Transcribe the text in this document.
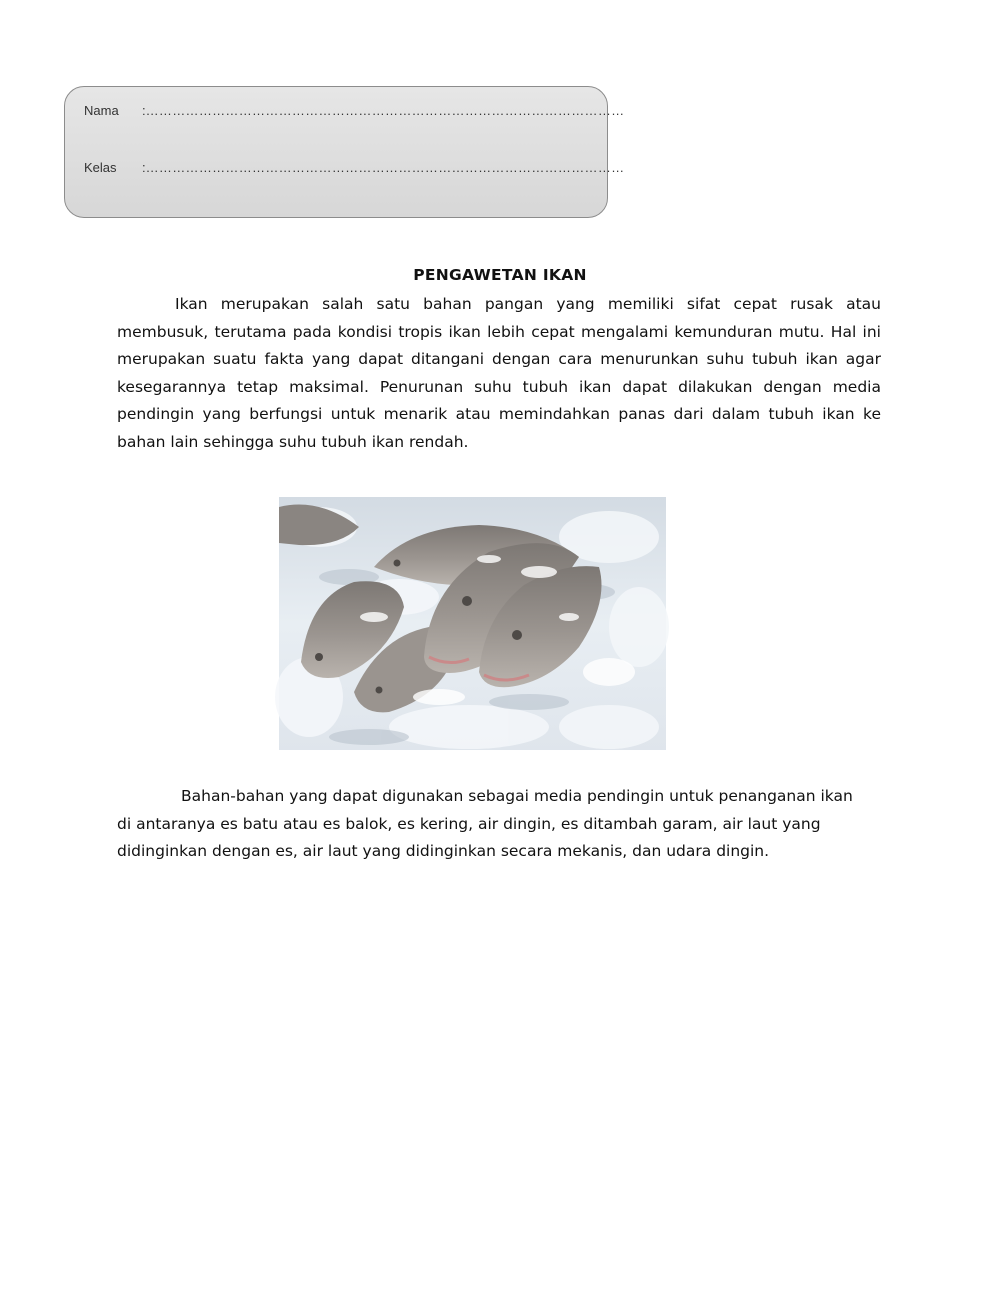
Nama :………………………………………………………………………………………………
Kelas :………………………………………………………………………………………………
PENGAWETAN IKAN

Ikan merupakan salah satu bahan pangan yang memiliki sifat cepat rusak atau membusuk, terutama pada kondisi tropis ikan lebih cepat mengalami kemunduran mutu. Hal ini merupakan suatu fakta yang dapat ditangani dengan cara menurunkan suhu tubuh ikan agar kesegarannya tetap maksimal. Penurunan suhu tubuh ikan dapat dilakukan dengan media pendingin yang berfungsi untuk menarik atau memindahkan panas dari dalam tubuh ikan ke bahan lain sehingga suhu tubuh ikan rendah.

Bahan-bahan yang dapat digunakan sebagai media pendingin untuk penanganan ikan di antaranya es batu atau es balok, es kering, air dingin, es ditambah garam, air laut yang didinginkan dengan es, air laut yang didinginkan secara mekanis, dan udara dingin.
